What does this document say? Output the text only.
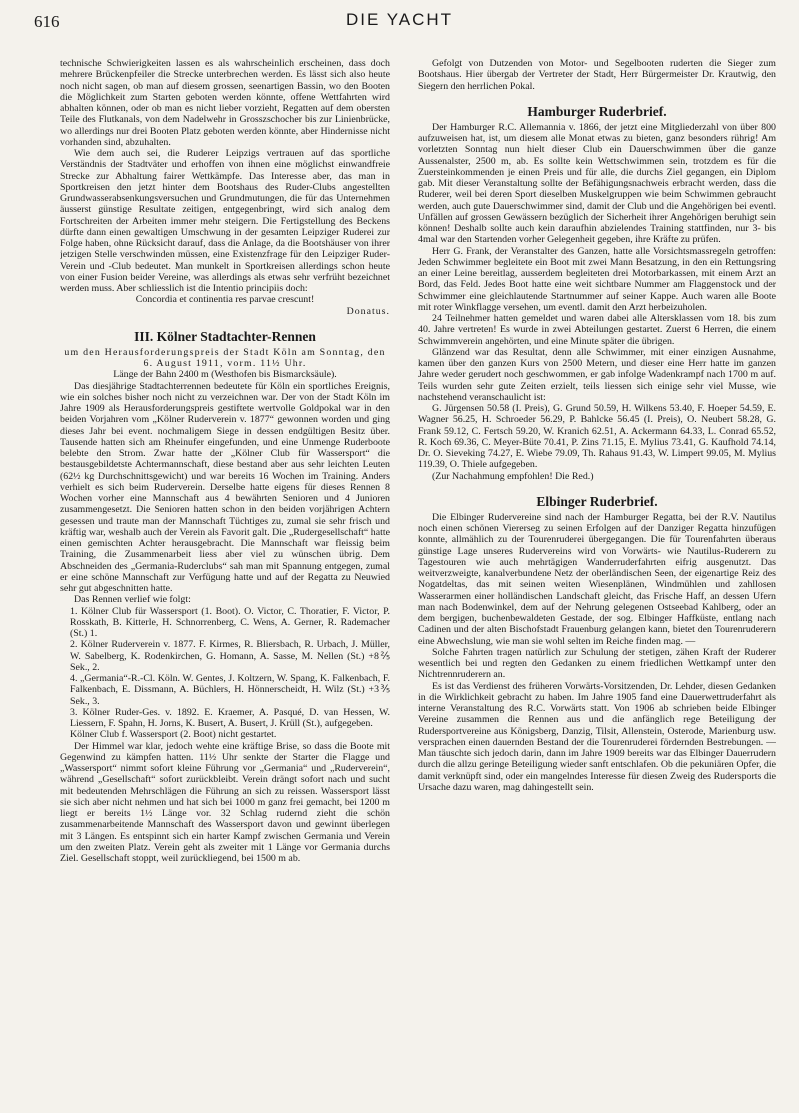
616	DIE YACHT

technische Schwierigkeiten lassen es als wahrscheinlich erscheinen, dass doch mehrere Brückenpfeiler die Strecke unterbrechen werden. Es lässt sich also heute noch nicht sagen, ob man auf diesem grossen, seenartigen Bassin, wo den Booten die Möglichkeit zum Starten geboten werden könnte, offene Wettfahrten wird abhalten können, oder ob man es nicht lieber vorzieht, Regatten auf dem obersten Teile des Flutkanals, von dem Nadelwehr in Grosszschocher bis zur Linienbrücke, wo allerdings nur drei Booten Platz geboten werden könnte, aber Hindernisse nicht vorhanden sind, abzuhalten.

Wie dem auch sei, die Ruderer Leipzigs vertrauen auf das sportliche Verständnis der Stadtväter und erhoffen von ihnen eine möglichst einwandfreie Strecke zur Abhaltung fairer Wettkämpfe. Das Interesse aber, das man in Sportkreisen den jetzt hinter dem Bootshaus des Ruder-Clubs angestellten Grundwasserabsenkungsversuchen und Grundmutungen, die für das Unternehmen äusserst günstige Resultate zeitigen, entgegenbringt, wird sich analog dem Fortschreiten der Arbeiten immer mehr steigern. Die Fertigstellung des Beckens dürfte dann einen gewaltigen Umschwung in der gesamten Leipziger Ruderei zur Folge haben, ohne Rücksicht darauf, dass die Anlage, da die Bootshäuser von ihrer jetzigen Stelle verschwinden müssen, eine Existenzfrage für den Leipziger Ruder-Verein und -Club bedeutet. Man munkelt in Sportkreisen allerdings schon heute von einer Fusion beider Vereine, was allerdings als etwas sehr verfrüht bezeichnet werden muss. Aber schliesslich ist die Intentio principiis doch:

Concordia et continentia res parvae crescunt!

Donatus.

III. Kölner Stadtachter-Rennen

um den Herausforderungspreis der Stadt Köln am Sonntag, den 6. August 1911, vorm. 11½ Uhr.

Länge der Bahn 2400 m (Westhofen bis Bismarcksäule).

Das diesjährige Stadtachterrennen bedeutete für Köln ein sportliches Ereignis, wie ein solches bisher noch nicht zu verzeichnen war. Der von der Stadt Köln im Jahre 1909 als Herausforderungspreis gestiftete wertvolle Goldpokal war in den beiden Vorjahren vom „Kölner Ruderverein v. 1877“ gewonnen worden und ging dieses Jahr bei event. nochmaligem Siege in dessen endgültigen Besitz über. Tausende hatten sich am Rheinufer eingefunden, und eine Unmenge Ruderboote belebte den Strom. Zwar hatte der „Kölner Club für Wassersport“ die bestausgebildetste Achtermannschaft, diese bestand aber aus sehr leichten Leuten (62½ kg Durchschnittsgewicht) und war bereits 16 Wochen im Training. Anders verhielt es sich beim Ruderverein. Derselbe hatte eigens für dieses Rennen 8 Wochen vorher eine Mannschaft aus 4 bewährten Senioren und 4 Junioren zusammengesetzt. Die Senioren hatten schon in den beiden vorjährigen Achtern gesessen und traute man der Mannschaft Tüchtiges zu, zumal sie sehr frisch und kräftig war, weshalb auch der Verein als Favorit galt. Die „Rudergesellschaft“ hatte einen gemischten Achter herausgebracht. Die Mannschaft war fleissig beim Training, die Zusammenarbeit liess aber viel zu wünschen übrig. Dem Abschneiden des „Germania-Ruderclubs“ sah man mit Spannung entgegen, zumal er eine schöne Mannschaft zur Verfügung hatte und auf der Regatta zu Neuwied sehr gut abgeschnitten hatte.

Das Rennen verlief wie folgt:

1. Kölner Club für Wassersport (1. Boot). O. Victor, C. Thoratier, F. Victor, P. Rosskath, B. Kitterle, H. Schnorrenberg, C. Wens, A. Gerner, R. Rademacher (St.) 1.

2. Kölner Ruderverein v. 1877. F. Kirmes, R. Bliersbach, R. Urbach, J. Müller, W. Sabelberg, K. Rodenkirchen, G. Homann, A. Sasse, M. Nellen (St.) +8⅖ Sek., 2.

4. „Germania“-R.-Cl. Köln. W. Gentes, J. Koltzern, W. Spang, K. Falkenbach, F. Falkenbach, E. Dissmann, A. Büchlers, H. Hönnerscheidt, H. Wilz (St.) +3⅗ Sek., 3.

3. Kölner Ruder-Ges. v. 1892. E. Kraemer, A. Pasqué, D. van Hessen, W. Liessern, F. Spahn, H. Jorns, K. Busert, A. Busert, J. Krüll (St.), aufgegeben.

Kölner Club f. Wassersport (2. Boot) nicht gestartet.

Der Himmel war klar, jedoch wehte eine kräftige Brise, so dass die Boote mit Gegenwind zu kämpfen hatten. 11½ Uhr senkte der Starter die Flagge und „Wassersport“ nimmt sofort kleine Führung vor „Germania“ und „Ruderverein“, während „Gesellschaft“ sofort zurückbleibt. Verein drängt sofort nach und sucht mit bedeutenden Mehrschlägen die Führung an sich zu reissen. Wassersport lässt sie sich aber nicht nehmen und hat sich bei 1000 m ganz frei gemacht, bei 1200 m liegt er bereits 1½ Länge vor. 32 Schlag rudernd zieht die schön zusammenarbeitende Mannschaft des Wassersport davon und gewinnt überlegen mit 3 Längen. Es entspinnt sich ein harter Kampf zwischen Germania und Verein um den zweiten Platz. Verein geht als zweiter mit 1 Länge vor Germania durchs Ziel. Gesellschaft stoppt, weil zurückliegend, bei 1500 m ab.

Gefolgt von Dutzenden von Motor- und Segelbooten ruderten die Sieger zum Bootshaus. Hier übergab der Vertreter der Stadt, Herr Bürgermeister Dr. Krautwig, den Siegern den herrlichen Pokal.

Hamburger Ruderbrief.

Der Hamburger R.C. Allemannia v. 1866, der jetzt eine Mitgliederzahl von über 800 aufzuweisen hat, ist, um diesem alle Monat etwas zu bieten, ganz besonders rührig! Am vorletzten Sonntag nun hielt dieser Club ein Dauerschwimmen über die ganze Aussenalster, 2500 m, ab. Es sollte kein Wettschwimmen sein, trotzdem es für die Zuersteinkommenden je einen Preis und für alle, die durchs Ziel gegangen, ein Diplom gab. Mit dieser Veranstaltung sollte der Befähigungsnachweis erbracht werden, dass die Ruderer, weil bei deren Sport dieselben Muskelgruppen wie beim Schwimmen gebraucht werden, auch gute Dauerschwimmer sind, damit der Club und die Angehörigen bei eventl. Unfällen auf grossen Gewässern bezüglich der Sicherheit ihrer Angehörigen beruhigt sein können! Deshalb sollte auch kein daraufhin abzielendes Training stattfinden, nur 3- bis 4mal war den Startenden vorher Gelegenheit gegeben, ihre Kräfte zu prüfen.

Herr G. Frank, der Veranstalter des Ganzen, hatte alle Vorsichtsmassregeln getroffen: Jeden Schwimmer begleitete ein Boot mit zwei Mann Besatzung, in den ein Rettungsring an einer Leine bereitlag, ausserdem begleiteten drei Motorbarkassen, mit einem Arzt an Bord, das Feld. Jedes Boot hatte eine weit sichtbare Nummer am Flaggenstock und der Schwimmer eine gleichlautende Startnummer auf seiner Kappe. Auch waren alle Boote mit roter Winkflagge versehen, um eventl. damit den Arzt herbeizuholen.

24 Teilnehmer hatten gemeldet und waren dabei alle Altersklassen vom 18. bis zum 40. Jahre vertreten! Es wurde in zwei Abteilungen gestartet. Zuerst 6 Herren, die einem Schwimmverein angehörten, und eine Minute später die übrigen.

Glänzend war das Resultat, denn alle Schwimmer, mit einer einzigen Ausnahme, kamen über den ganzen Kurs von 2500 Metern, und dieser eine Herr hatte im ganzen Jahre weder gerudert noch geschwommen, er gab infolge Wadenkrampf nach 1700 m auf. Teils wurden sehr gute Zeiten erzielt, teils liessen sich einige sehr viel Musse, wie nachstehend veranschaulicht ist:

G. Jürgensen 50.58 (I. Preis), G. Grund 50.59, H. Wilkens 53.40, F. Hoeper 54.59, E. Wagner 56.25, H. Schroeder 56.29, P. Bahlcke 56.45 (I. Preis), O. Neubert 58.28, G. Frank 59.12, C. Fertsch 59.20, W. Kranich 62.51, A. Ackermann 64.33, L. Conrad 65.52, R. Koch 69.36, C. Meyer-Büte 70.41, P. Zins 71.15, E. Mylius 73.41, G. Kaufhold 74.14, Dr. O. Sieveking 74.27, E. Wiebe 79.09, Th. Rahaus 91.43, W. Limpert 99.05, M. Mylius 119.39, O. Thiele aufgegeben.

(Zur Nachahmung empfohlen! Die Red.)

Elbinger Ruderbrief.

Die Elbinger Rudervereine sind nach der Hamburger Regatta, bei der R.V. Nautilus noch einen schönen Viererseg zu seinen Erfolgen auf der Danziger Regatta hinzufügen konnte, allmählich zu der Tourenruderei übergegangen. Die für Tourenfahrten überaus günstige Lage unseres Rudervereins wird von Vorwärts- wie Nautilus-Ruderern zu Tagestouren wie auch mehrtägigen Wanderruderfahrten eifrig ausgenutzt. Das weitverzweigte, kanalverbundene Netz der oberländischen Seen, der eigenartige Reiz des Nogatdeltas, das mit seinen weiten Wiesenplänen, Windmühlen und zahllosen Wasserarmen einer holländischen Landschaft gleicht, das Frische Haff, an dessen Ufern man nach Bodenwinkel, dem auf der Nehrung gelegenen Ostseebad Kahlberg, oder an dem bergigen, buchenbewaldeten Gestade, der sog. Elbinger Haffküste, entlang nach Cadinen und der alten Bischofstadt Frauenburg gelangen kann, bietet den Tourenruderern eine Abwechslung, wie man sie wohl selten im Reiche finden mag. —

Solche Fahrten tragen natürlich zur Schulung der stetigen, zähen Kraft der Ruderer wesentlich bei und regten den Gedanken zu einem friedlichen Wettkampf unter den Nichtrennruderern an.

Es ist das Verdienst des früheren Vorwärts-Vorsitzenden, Dr. Lehder, diesen Gedanken in die Wirklichkeit gebracht zu haben. Im Jahre 1905 fand eine Dauerwettruderfahrt als interne Veranstaltung des R.C. Vorwärts statt. Von 1906 ab schrieben beide Elbinger Vereine zusammen die Rennen aus und die anfänglich rege Beteiligung der Rudersportvereine aus Königsberg, Danzig, Tilsit, Allenstein, Osterode, Marienburg usw. versprachen einen dauernden Bestand der die Tourenruderei fördernden Bestrebungen. — Man täuschte sich jedoch darin, dann im Jahre 1909 bereits war das Elbinger Dauerrudern durch die allzu geringe Beteiligung wieder sanft entschlafen. Ob die pekuniären Opfer, die damit verknüpft sind, oder ein mangelndes Interesse für diesen Zweig des Rudersports die Ursache dazu waren, mag dahingestellt sein.
